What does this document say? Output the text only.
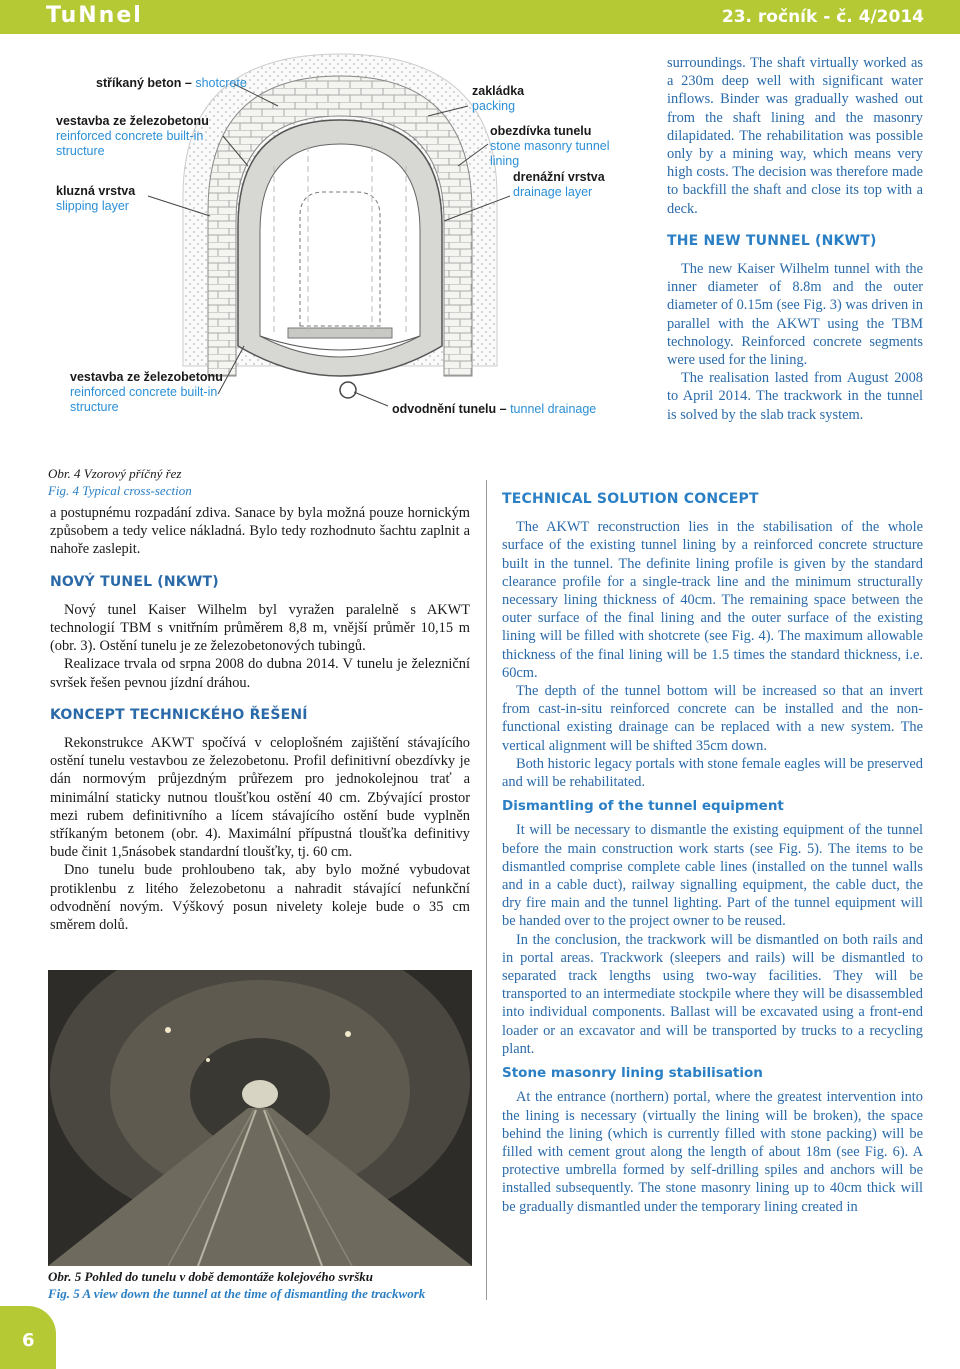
TuNnel	23. ročník - č. 4/2014
stříkaný beton – shotcrete
vestavba ze železobetonu
reinforced concrete built-in
structure
kluzná vrstva
slipping layer
zakládka
packing
obezdívka tunelu
stone masonry tunnel lining
drenážní vrstva
drainage layer
vestavba ze železobetonu
reinforced concrete built-in
structure	odvodnění tunelu – tunnel drainage
Obr. 4 Vzorový příčný řez
Fig. 4 Typical cross-section

a postupnému rozpadání zdiva. Sanace by byla možná pouze hornickým způsobem a tedy velice nákladná. Bylo tedy rozhodnuto šachtu zaplnit a nahoře zaslepit.

NOVÝ TUNEL (NKWT)

Nový tunel Kaiser Wilhelm byl vyražen paralelně s AKWT technologií TBM s vnitřním průměrem 8,8 m, vnější průměr 10,15 m (obr. 3). Ostění tunelu je ze železobetonových tubingů.

Realizace trvala od srpna 2008 do dubna 2014. V tunelu je železniční svršek řešen pevnou jízdní dráhou.

KONCEPT TECHNICKÉHO ŘEŠENÍ

Rekonstrukce AKWT spočívá v celoplošném zajištění stávajícího ostění tunelu vestavbou ze železobetonu. Profil definitivní obezdívky je dán normovým průjezdným průřezem pro jednokolejnou trať a minimální staticky nutnou tloušťkou ostění 40 cm. Zbývající prostor mezi rubem definitivního a lícem stávajícího ostění bude vyplněn stříkaným betonem (obr. 4). Maximální přípustná tloušťka definitivy bude činit 1,5násobek standardní tloušťky, tj. 60 cm.

Dno tunelu bude prohloubeno tak, aby bylo možné vybudovat protiklenbu z litého železobetonu a nahradit stávající nefunkční odvodnění novým. Výškový posun nivelety koleje bude o 35 cm směrem dolů.

Obr. 5 Pohled do tunelu v době demontáže kolejového svršku
Fig. 5 A view down the tunnel at the time of dismantling the trackwork

surroundings. The shaft virtually worked as a 230m deep well with significant water inflows. Binder was gradually washed out from the shaft lining and the masonry dilapidated. The rehabilitation was possible only by a mining way, which means very high costs. The decision was therefore made to backfill the shaft and close its top with a deck.

THE NEW TUNNEL (NKWT)

The new Kaiser Wilhelm tunnel with the inner diameter of 8.8m and the outer diameter of 0.15m (see Fig. 3) was driven in parallel with the AKWT using the TBM technology. Reinforced concrete segments were used for the lining.

The realisation lasted from August 2008 to April 2014. The trackwork in the tunnel is solved by the slab track system.

TECHNICAL SOLUTION CONCEPT

The AKWT reconstruction lies in the stabilisation of the whole surface of the existing tunnel lining by a reinforced concrete structure built in the tunnel. The definite lining profile is given by the standard clearance profile for a single-track line and the minimum structurally necessary lining thickness of 40cm. The remaining space between the outer surface of the final lining and the outer surface of the existing lining will be filled with shotcrete (see Fig. 4). The maximum allowable thickness of the final lining will be 1.5 times the standard thickness, i.e. 60cm.

The depth of the tunnel bottom will be increased so that an invert from cast-in-situ reinforced concrete can be installed and the non-functional existing drainage can be replaced with a new system. The vertical alignment will be shifted 35cm down.

Both historic legacy portals with stone female eagles will be preserved and will be rehabilitated.

Dismantling of the tunnel equipment

It will be necessary to dismantle the existing equipment of the tunnel before the main construction work starts (see Fig. 5). The items to be dismantled comprise complete cable lines (installed on the tunnel walls and in a cable duct), railway signalling equipment, the cable duct, the dry fire main and the tunnel lighting. Part of the tunnel equipment will be handed over to the project owner to be reused.

In the conclusion, the trackwork will be dismantled on both rails and in portal areas. Trackwork (sleepers and rails) will be dismantled to separated track lengths using two-way facilities. They will be transported to an intermediate stockpile where they will be disassembled into individual components. Ballast will be excavated using a front-end loader or an excavator and will be transported by trucks to a recycling plant.

Stone masonry lining stabilisation

At the entrance (northern) portal, where the greatest intervention into the lining is necessary (virtually the lining will be broken), the space behind the lining (which is currently filled with stone packing) will be filled with cement grout along the length of about 18m (see Fig. 6). A protective umbrella formed by self-drilling spiles and anchors will be installed subsequently. The stone masonry lining up to 40cm thick will be gradually dismantled under the temporary lining created in

6
